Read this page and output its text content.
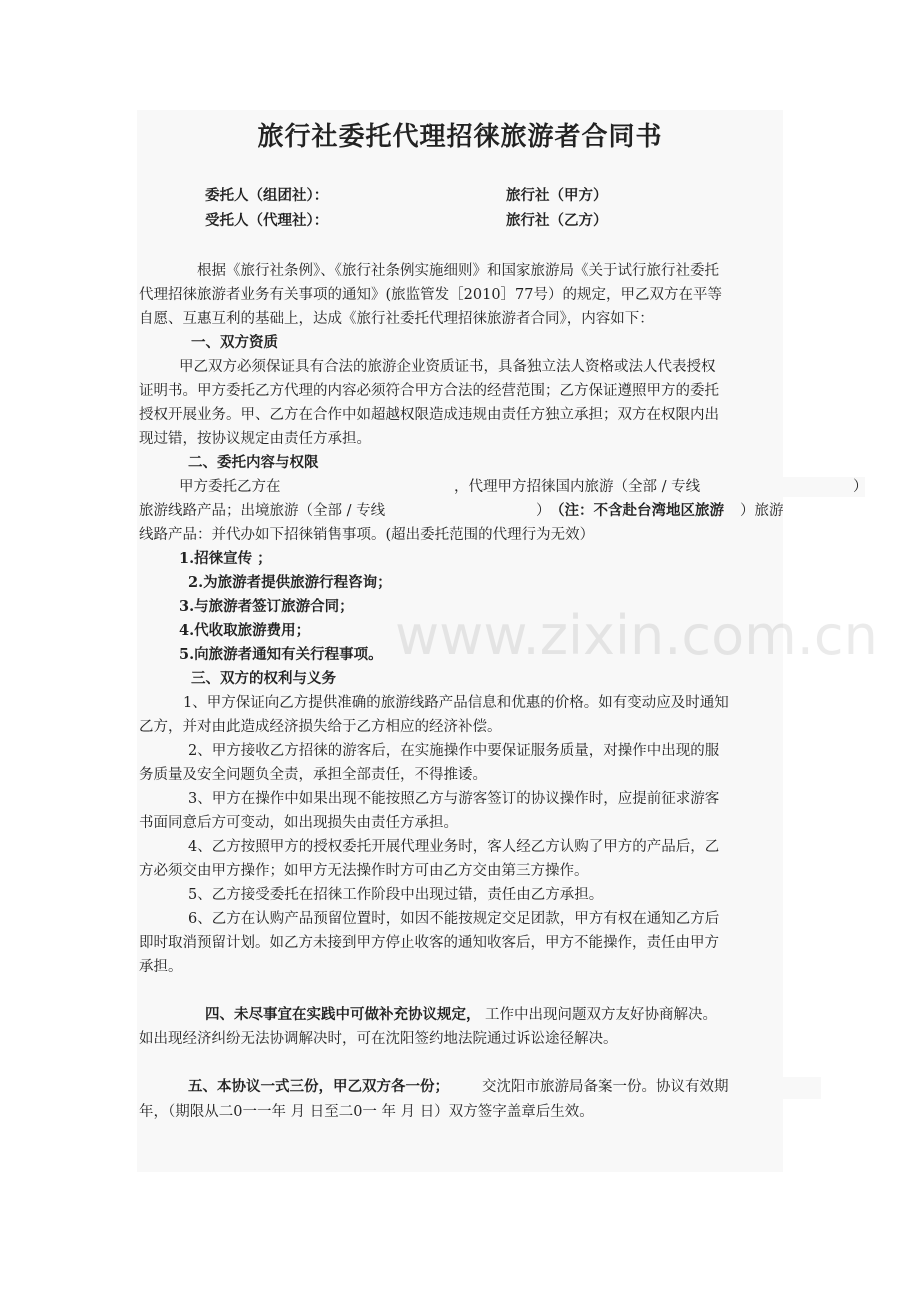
旅行社委托代理招徕旅游者合同书
委托人（组团社）：	旅行社（甲方）
受托人（代理社）：	旅行社（乙方）
根据《旅行社条例》、《旅行社条例实施细则》和国家旅游局《关于试行旅行社委托
代理招徕旅游者业务有关事项的通知》(旅监管发［2010］77号）的规定，甲乙双方在平等
自愿、互惠互利的基础上，达成《旅行社委托代理招徕旅游者合同》，内容如下：
一、双方资质
甲乙双方必须保证具有合法的旅游企业资质证书，具备独立法人资格或法人代表授权
证明书。甲方委托乙方代理的内容必须符合甲方合法的经营范围；乙方保证遵照甲方的委托
授权开展业务。甲、乙方在合作中如超越权限造成违规由责任方独立承担；双方在权限内出
现过错，按协议规定由责任方承担。
二、委托内容与权限
甲方委托乙方在	，代理甲方招徕国内旅游（全部 / 专线	）
旅游线路产品；出境旅游（全部 / 专线	） （注：不含赴台湾地区旅游 ）旅游
线路产品：并代办如下招徕销售事项。(超出委托范围的代理行为无效）
1.招徕宣传 ；
2.为旅游者提供旅游行程咨询；
3.与旅游者签订旅游合同；
4.代收取旅游费用；
5.向旅游者通知有关行程事项。
三、双方的权利与义务
1、甲方保证向乙方提供准确的旅游线路产品信息和优惠的价格。如有变动应及时通知
乙方，并对由此造成经济损失给于乙方相应的经济补偿。
2、甲方接收乙方招徕的游客后，在实施操作中要保证服务质量，对操作中出现的服
务质量及安全问题负全责，承担全部责任，不得推诿。
3、甲方在操作中如果出现不能按照乙方与游客签订的协议操作时，应提前征求游客
书面同意后方可变动，如出现损失由责任方承担。
4、乙方按照甲方的授权委托开展代理业务时，客人经乙方认购了甲方的产品后，乙
方必须交由甲方操作；如甲方无法操作时方可由乙方交由第三方操作。
5、乙方接受委托在招徕工作阶段中出现过错，责任由乙方承担。
6、乙方在认购产品预留位置时，如因不能按规定交足团款，甲方有权在通知乙方后
即时取消预留计划。如乙方未接到甲方停止收客的通知收客后，甲方不能操作，责任由甲方
承担。
四、未尽事宜在实践中可做补充协议规定， 工作中出现问题双方友好协商解决。
如出现经济纠纷无法协调解决时，可在沈阳签约地法院通过诉讼途径解决。
五、本协议一式三份，甲乙双方各一份； 交沈阳市旅游局备案一份。协议有效期
年，（期限从二0一一年 月 日至二0一 年 月 日）双方签字盖章后生效。
www.zixin.com.cn
